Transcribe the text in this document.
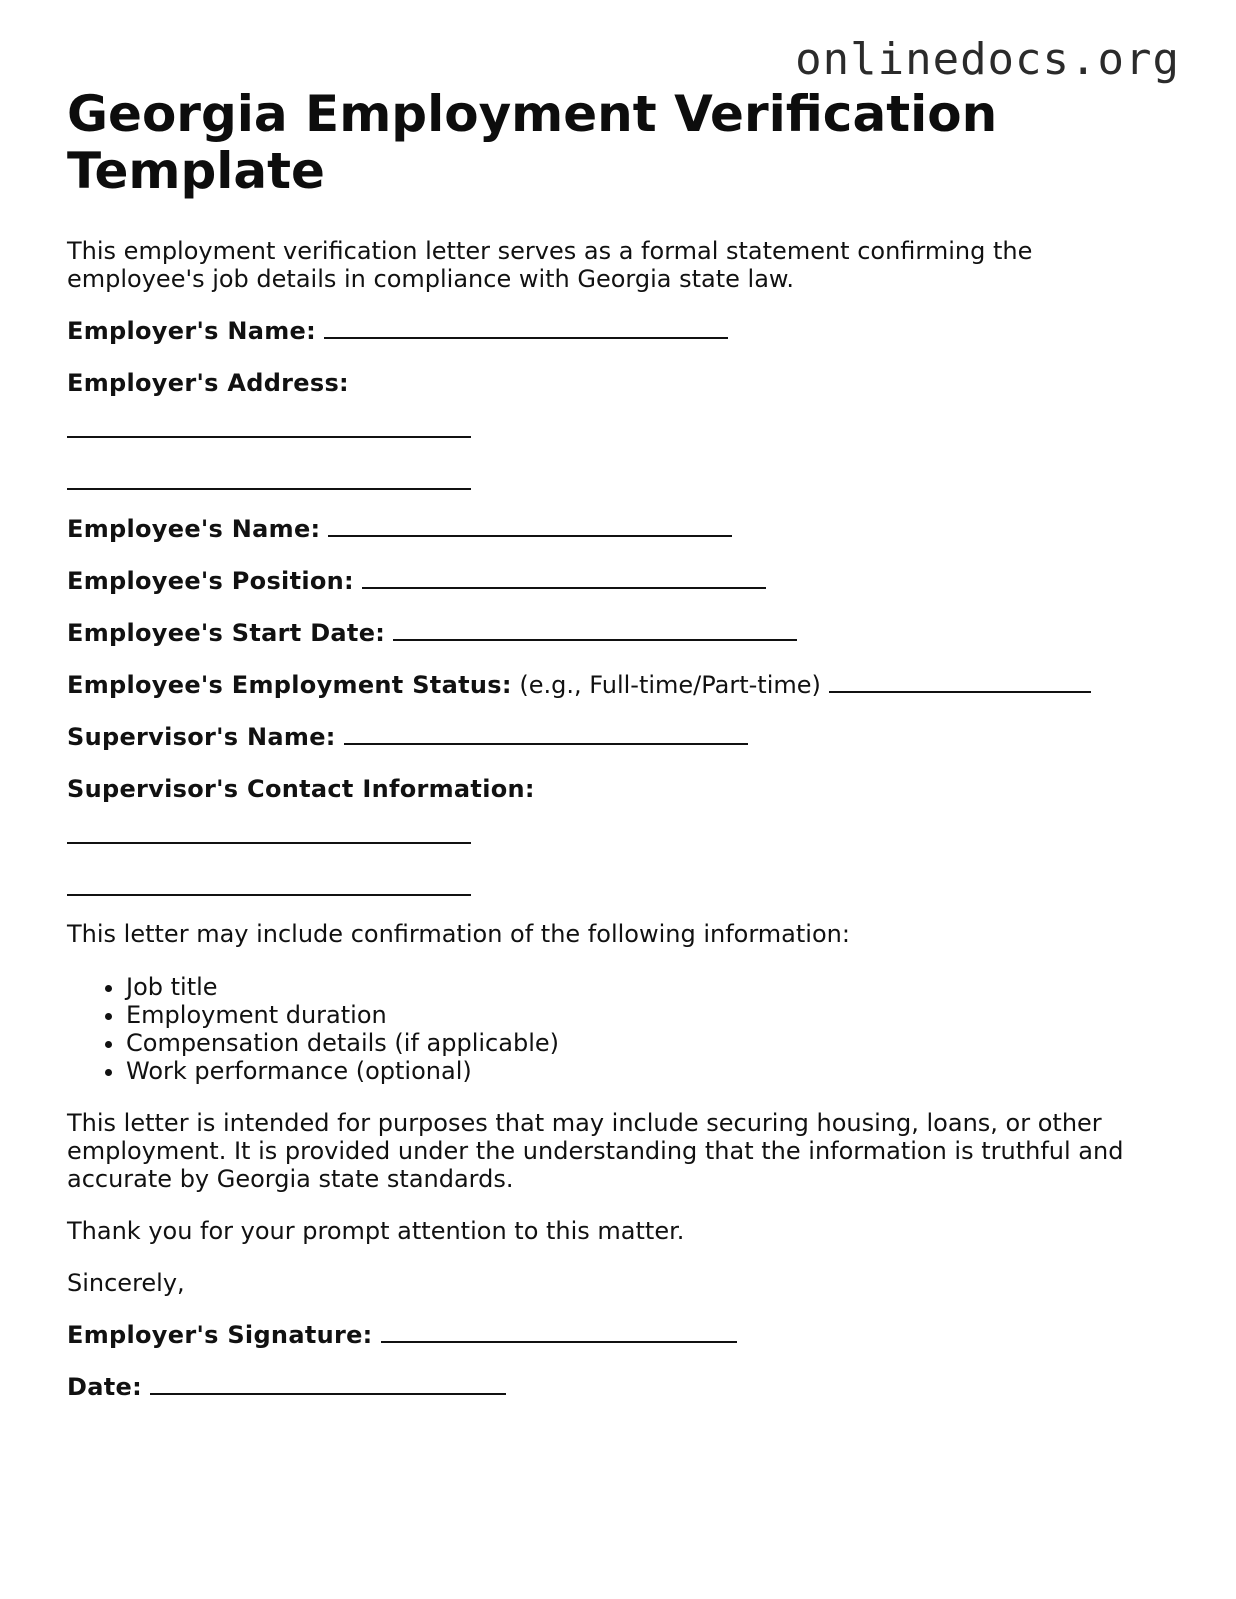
onlinedocs.org
Georgia Employment Verification Template

This employment verification letter serves as a formal statement confirming the employee's job details in compliance with Georgia state law.

Employer's Name:
Employer's Address:
Employee's Name:
Employee's Position:
Employee's Start Date:
Employee's Employment Status: (e.g., Full-time/Part-time)
Supervisor's Name:
Supervisor's Contact Information:

This letter may include confirmation of the following information:

• Job title
• Employment duration
• Compensation details (if applicable)
• Work performance (optional)

This letter is intended for purposes that may include securing housing, loans, or other employment. It is provided under the understanding that the information is truthful and accurate by Georgia state standards.

Thank you for your prompt attention to this matter.

Sincerely,

Employer's Signature:
Date:
